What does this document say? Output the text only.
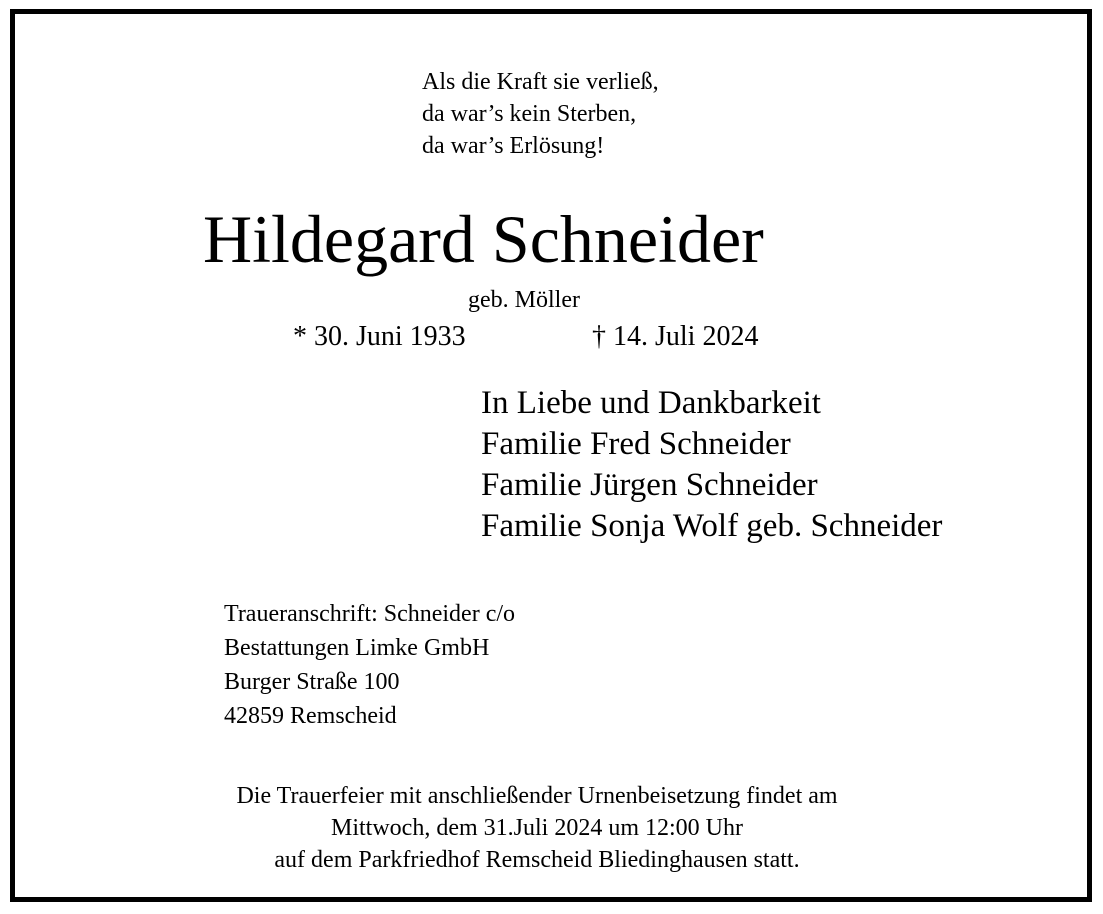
Als die Kraft sie verließ,
da war’s kein Sterben,
da war’s Erlösung!
Hildegard Schneider
geb. Möller
* 30. Juni 1933	† 14. Juli 2024
In Liebe und Dankbarkeit
Familie Fred Schneider
Familie Jürgen Schneider
Familie Sonja Wolf geb. Schneider
Traueranschrift: Schneider c/o
Bestattungen Limke GmbH
Burger Straße 100
42859 Remscheid
Die Trauerfeier mit anschließender Urnenbeisetzung findet am
Mittwoch, dem 31.Juli 2024 um 12:00 Uhr
auf dem Parkfriedhof Remscheid Bliedinghausen statt.
